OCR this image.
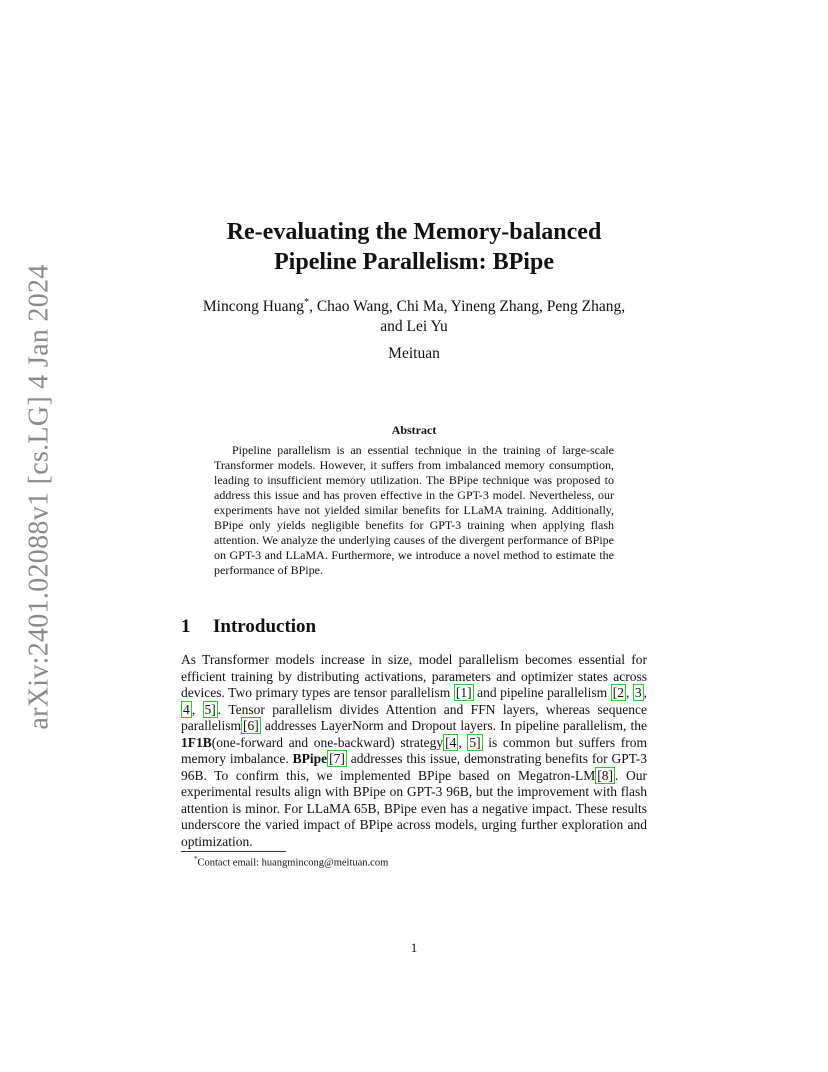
arXiv:2401.02088v1 [cs.LG] 4 Jan 2024
Re-evaluating the Memory-balanced
Pipeline Parallelism: BPipe
Mincong Huang*, Chao Wang, Chi Ma, Yineng Zhang, Peng Zhang,
and Lei Yu
Meituan
Abstract
Pipeline parallelism is an essential technique in the training of large-scale Transformer models. However, it suffers from imbalanced memory consumption, leading to insufficient memory utilization. The BPipe technique was proposed to address this issue and has proven effective in the GPT-3 model. Nevertheless, our experiments have not yielded similar benefits for LLaMA training. Additionally, BPipe only yields negligible benefits for GPT-3 training when applying flash attention. We analyze the underlying causes of the divergent performance of BPipe on GPT-3 and LLaMA. Furthermore, we introduce a novel method to estimate the performance of BPipe.
1 Introduction
As Transformer models increase in size, model parallelism becomes essential for efficient training by distributing activations, parameters and optimizer states across devices. Two primary types are tensor parallelism [1] and pipeline parallelism [2 , 3 , 4 , 5] . Tensor parallelism divides Attention and FFN layers, whereas sequence parallelism [6] addresses LayerNorm and Dropout layers. In pipeline parallelism, the 1F1B(one-forward and one-backward) strategy [4 , 5] is common but suffers from memory imbalance. BPipe [7] addresses this issue, demonstrating benefits for GPT-3 96B. To confirm this, we implemented BPipe based on Megatron-LM [8] . Our experimental results align with BPipe on GPT-3 96B, but the improvement with flash attention is minor. For LLaMA 65B, BPipe even has a negative impact. These results underscore the varied impact of BPipe across models, urging further exploration and optimization.
*Contact email: huangmincong@meituan.com
1
